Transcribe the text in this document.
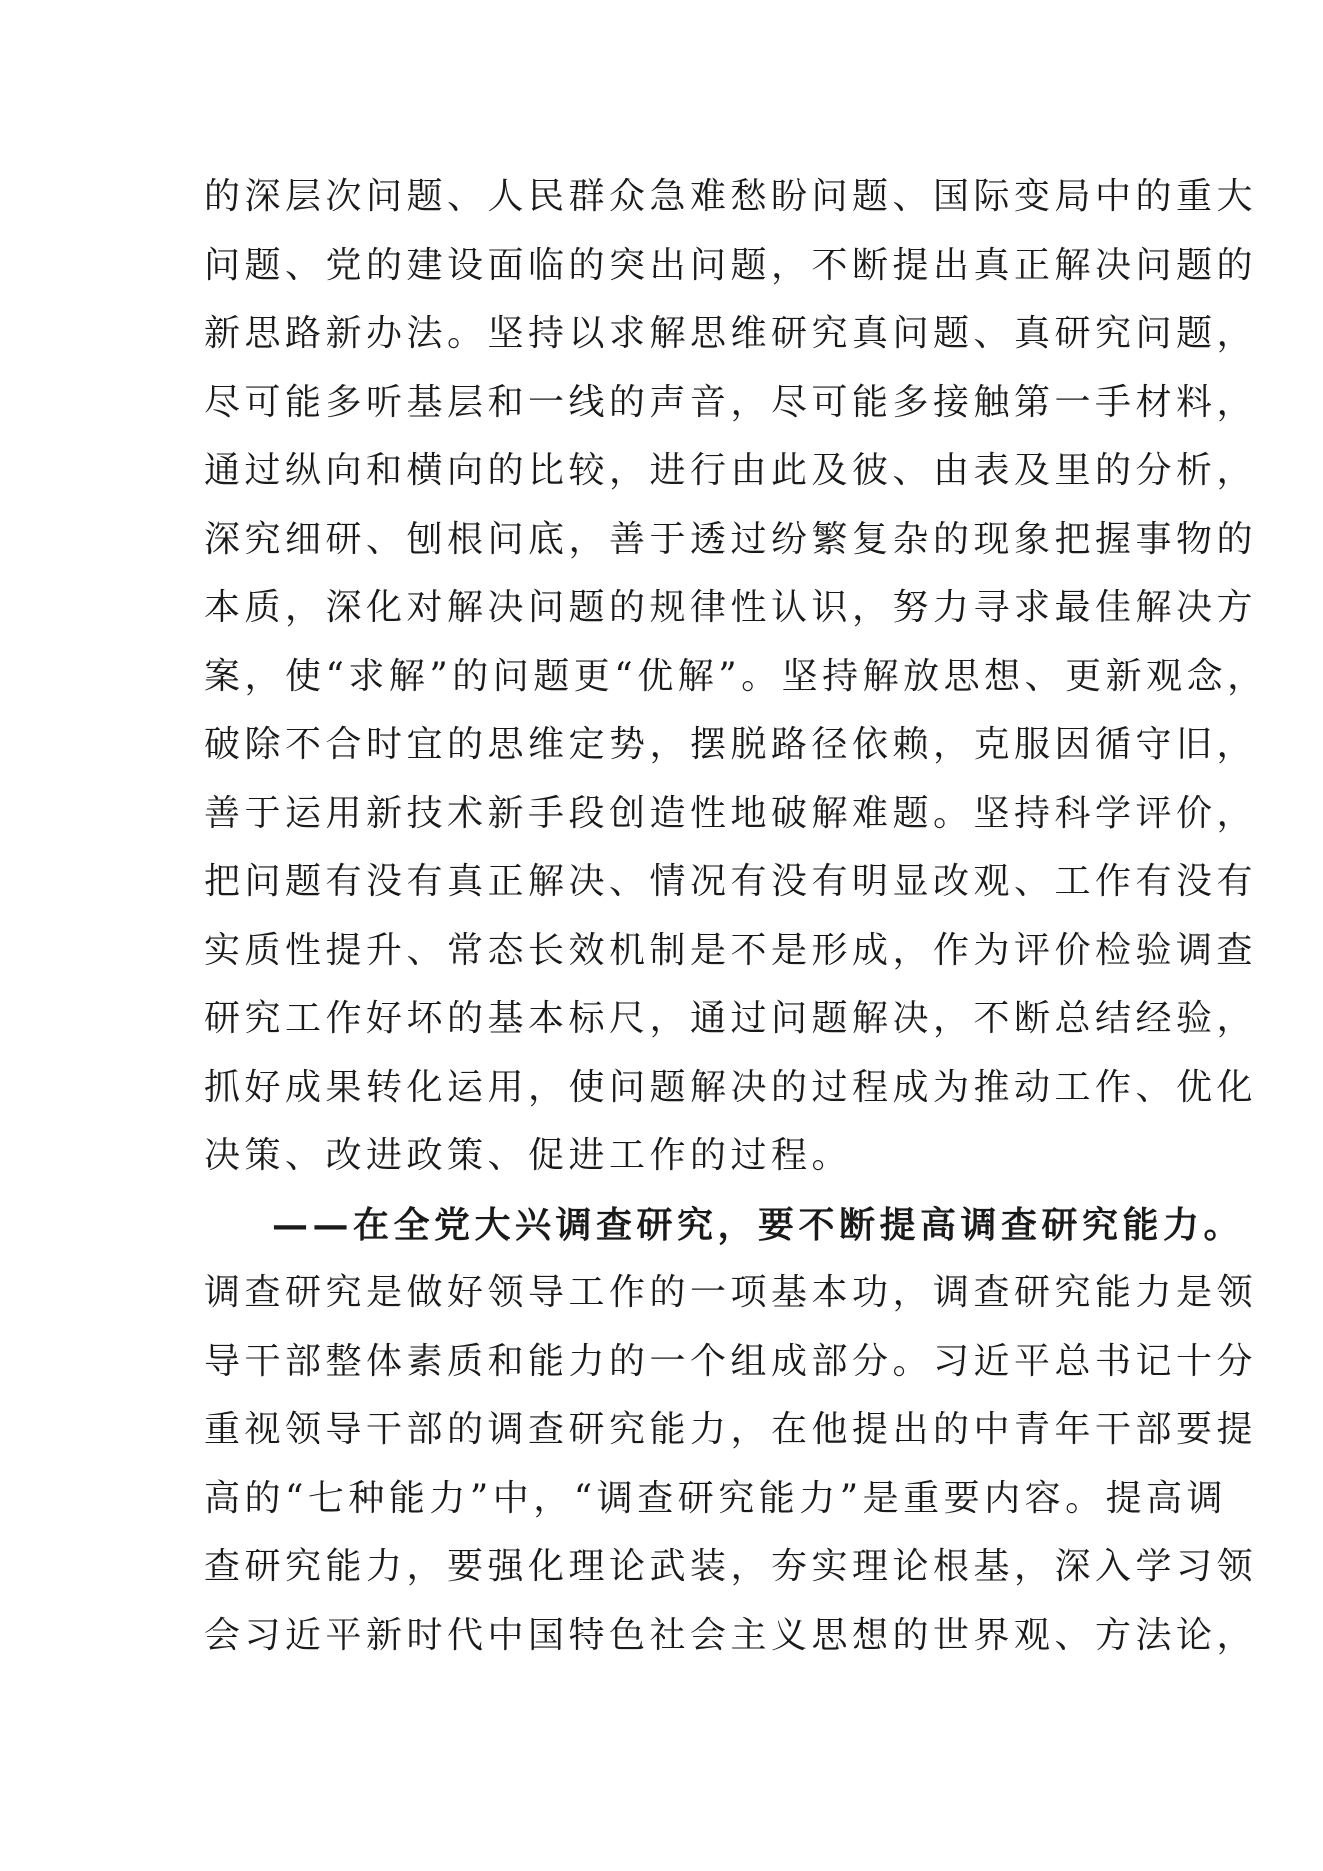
的深层次问题、人民群众急难愁盼问题、国际变局中的重大
问题、党的建设面临的突出问题，不断提出真正解决问题的
新思路新办法。坚持以求解思维研究真问题、真研究问题，
尽可能多听基层和一线的声音，尽可能多接触第一手材料，
通过纵向和横向的比较，进行由此及彼、由表及里的分析，
深究细研、刨根问底，善于透过纷繁复杂的现象把握事物的
本质，深化对解决问题的规律性认识，努力寻求最佳解决方
案，使“求解”的问题更“优解”。坚持解放思想、更新观念，
破除不合时宜的思维定势，摆脱路径依赖，克服因循守旧，
善于运用新技术新手段创造性地破解难题。坚持科学评价，
把问题有没有真正解决、情况有没有明显改观、工作有没有
实质性提升、常态长效机制是不是形成，作为评价检验调查
研究工作好坏的基本标尺，通过问题解决，不断总结经验，
抓好成果转化运用，使问题解决的过程成为推动工作、优化
决策、改进政策、促进工作的过程。
——在全党大兴调查研究，要不断提高调查研究能力。
调查研究是做好领导工作的一项基本功，调查研究能力是领
导干部整体素质和能力的一个组成部分。习近平总书记十分
重视领导干部的调查研究能力，在他提出的中青年干部要提
高的“七种能力”中，“调查研究能力”是重要内容。提高调
查研究能力，要强化理论武装，夯实理论根基，深入学习领
会习近平新时代中国特色社会主义思想的世界观、方法论，
